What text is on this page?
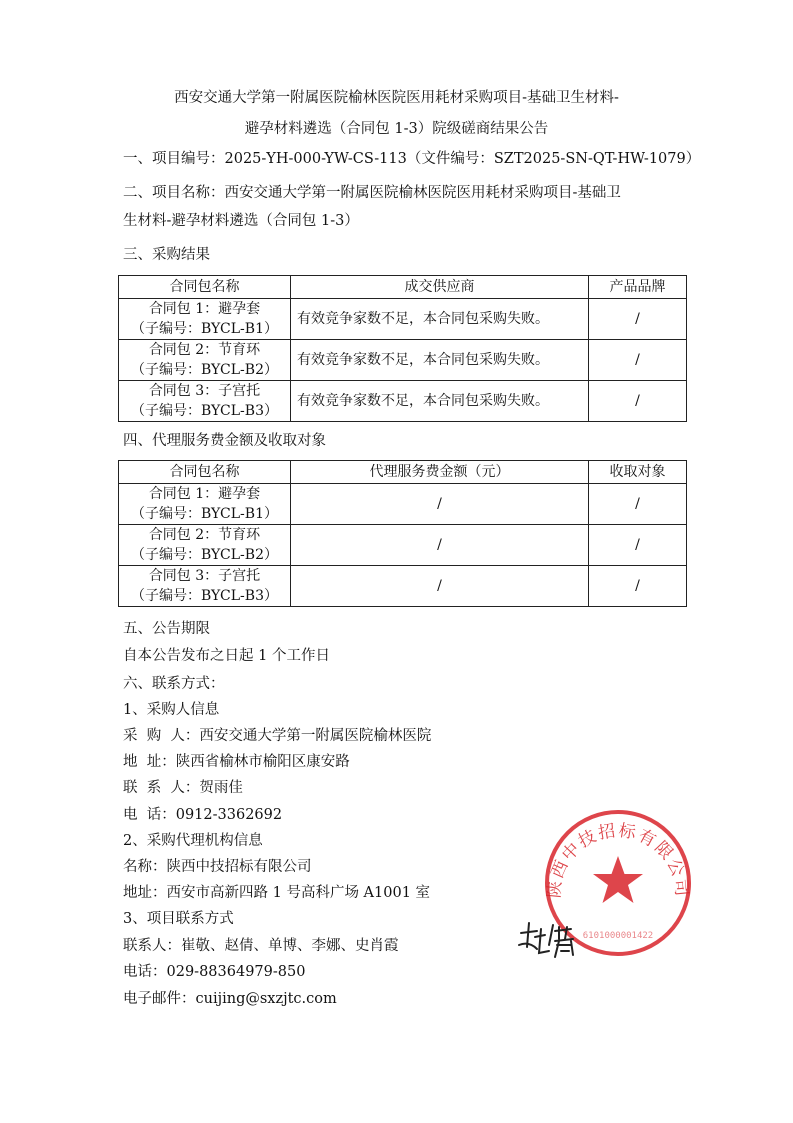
西安交通大学第一附属医院榆林医院医用耗材采购项目-基础卫生材料-
避孕材料遴选（合同包 1-3）院级磋商结果公告
一、项目编号：2025-YH-000-YW-CS-113（文件编号：SZT2025-SN-QT-HW-1079）
二、项目名称：西安交通大学第一附属医院榆林医院医用耗材采购项目-基础卫
生材料-避孕材料遴选（合同包 1-3）
三、采购结果
合同包名称	成交供应商	产品品牌

合同包 1：避孕套
（子编号：BYCL-B1）	有效竞争家数不足，本合同包采购失败。	/

合同包 2：节育环
（子编号：BYCL-B2）	有效竞争家数不足，本合同包采购失败。	/

合同包 3：子宫托
（子编号：BYCL-B3）	有效竞争家数不足，本合同包采购失败。	/
四、代理服务费金额及收取对象
合同包名称	代理服务费金额（元）	收取对象

合同包 1：避孕套
（子编号：BYCL-B1）	/	/

合同包 2：节育环
（子编号：BYCL-B2）	/	/

合同包 3：子宫托
（子编号：BYCL-B3）	/	/
五、公告期限
自本公告发布之日起 1 个工作日
六、联系方式：
1、采购人信息
采  购  人：西安交通大学第一附属医院榆林医院
地  址：陕西省榆林市榆阳区康安路
联  系  人：贺雨佳
电  话：0912-3362692
2、采购代理机构信息
名称：陕西中技招标有限公司
地址：西安市高新四路 1 号高科广场 A1001 室
3、项目联系方式
联系人：崔敬、赵倩、单博、李娜、史肖霞
电话：029-88364979-850
电子邮件：cuijing@sxzjtc.com
陕西中技招标有限公司
6101000001422
